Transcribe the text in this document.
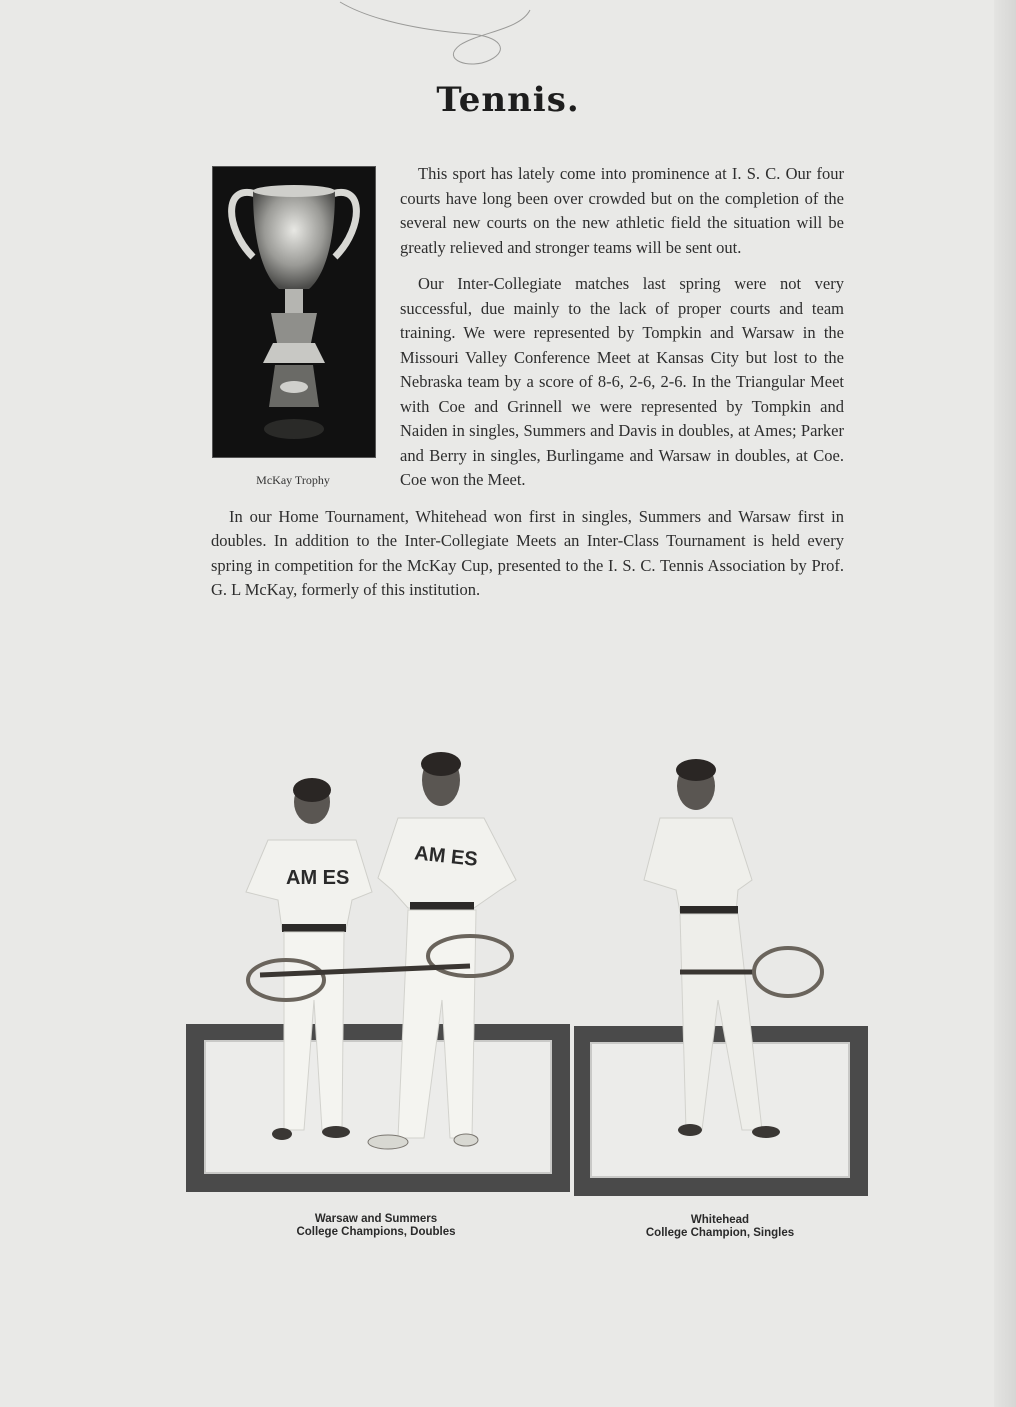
Tennis.
McKay Trophy

This sport has lately come into prominence at I. S. C. Our four courts have long been over crowded but on the completion of the several new courts on the new athletic field the situation will be greatly relieved and stronger teams will be sent out.

Our Inter-Collegiate matches last spring were not very successful, due mainly to the lack of proper courts and team training. We were represented by Tompkin and Warsaw in the Missouri Valley Conference Meet at Kansas City but lost to the Nebraska team by a score of 8-6, 2-6, 2-6. In the Triangular Meet with Coe and Grinnell we were represented by Tompkin and Naiden in singles, Summers and Davis in doubles, at Ames; Parker and Berry in singles, Burlingame and Warsaw in doubles, at Coe. Coe won the Meet.

In our Home Tournament, Whitehead won first in singles, Summers and Warsaw first in doubles. In addition to the Inter-Collegiate Meets an Inter-Class Tournament is held every spring in competition for the McKay Cup, presented to the I. S. C. Tennis Association by Prof. G. L McKay, formerly of this institution.

AM ES
AM ES
Warsaw and Summers
College Champions, Doubles
Whitehead
College Champion, Singles
